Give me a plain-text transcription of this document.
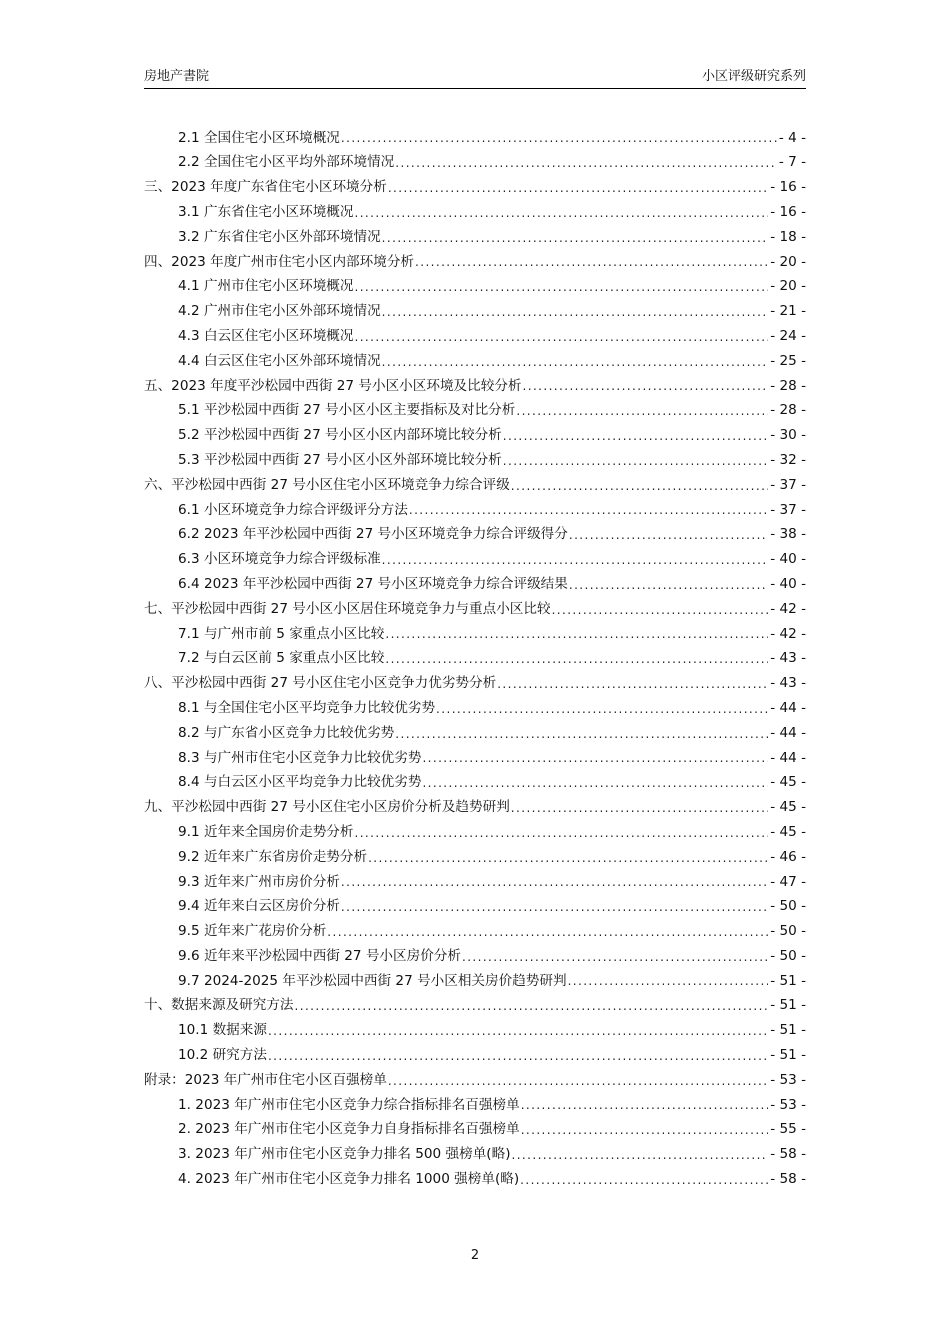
房地产書院	小区评级研究系列
2.1 全国住宅小区环境概况 .....	- 4 -
2.2 全国住宅小区平均外部环境情况 .....	- 7 -
三、2023 年度广东省住宅小区环境分析 .....	- 16 -
3.1 广东省住宅小区环境概况 .....	- 16 -
3.2 广东省住宅小区外部环境情况 .....	- 18 -
四、2023 年度广州市住宅小区内部环境分析 .....	- 20 -
4.1 广州市住宅小区环境概况 .....	- 20 -
4.2 广州市住宅小区外部环境情况 .....	- 21 -
4.3 白云区住宅小区环境概况 .....	- 24 -
4.4 白云区住宅小区外部环境情况 .....	- 25 -
五、2023 年度平沙松园中西街 27 号小区小区环境及比较分析 .....	- 28 -
5.1 平沙松园中西街 27 号小区小区主要指标及对比分析 .....	- 28 -
5.2 平沙松园中西街 27 号小区小区内部环境比较分析 .....	- 30 -
5.3 平沙松园中西街 27 号小区小区外部环境比较分析 .....	- 32 -
六、平沙松园中西街 27 号小区住宅小区环境竞争力综合评级 .....	- 37 -
6.1 小区环境竞争力综合评级评分方法 .....	- 37 -
6.2 2023 年平沙松园中西街 27 号小区环境竞争力综合评级得分 .....	- 38 -
6.3 小区环境竞争力综合评级标准 .....	- 40 -
6.4 2023 年平沙松园中西街 27 号小区环境竞争力综合评级结果 .....	- 40 -
七、平沙松园中西街 27 号小区小区居住环境竞争力与重点小区比较 .....	- 42 -
7.1 与广州市前 5 家重点小区比较 .....	- 42 -
7.2 与白云区前 5 家重点小区比较 .....	- 43 -
八、平沙松园中西街 27 号小区住宅小区竞争力优劣势分析 .....	- 43 -
8.1 与全国住宅小区平均竞争力比较优劣势 .....	- 44 -
8.2 与广东省小区竞争力比较优劣势 .....	- 44 -
8.3 与广州市住宅小区竞争力比较优劣势 .....	- 44 -
8.4 与白云区小区平均竞争力比较优劣势 .....	- 45 -
九、平沙松园中西街 27 号小区住宅小区房价分析及趋势研判 .....	- 45 -
9.1 近年来全国房价走势分析 .....	- 45 -
9.2 近年来广东省房价走势分析 .....	- 46 -
9.3 近年来广州市房价分析 .....	- 47 -
9.4 近年来白云区房价分析 .....	- 50 -
9.5 近年来广花房价分析 .....	- 50 -
9.6 近年来平沙松园中西街 27 号小区房价分析 .....	- 50 -
9.7 2024-2025 年平沙松园中西街 27 号小区相关房价趋势研判 .....	- 51 -
十、数据来源及研究方法 .....	- 51 -
10.1 数据来源 .....	- 51 -
10.2 研究方法 .....	- 51 -
附录：2023 年广州市住宅小区百强榜单 .....	- 53 -
1. 2023 年广州市住宅小区竞争力综合指标排名百强榜单 .....	- 53 -
2. 2023 年广州市住宅小区竞争力自身指标排名百强榜单 .....	- 55 -
3. 2023 年广州市住宅小区竞争力排名 500 强榜单(略) .....	- 58 -
4. 2023 年广州市住宅小区竞争力排名 1000 强榜单(略) .....	- 58 -
2
